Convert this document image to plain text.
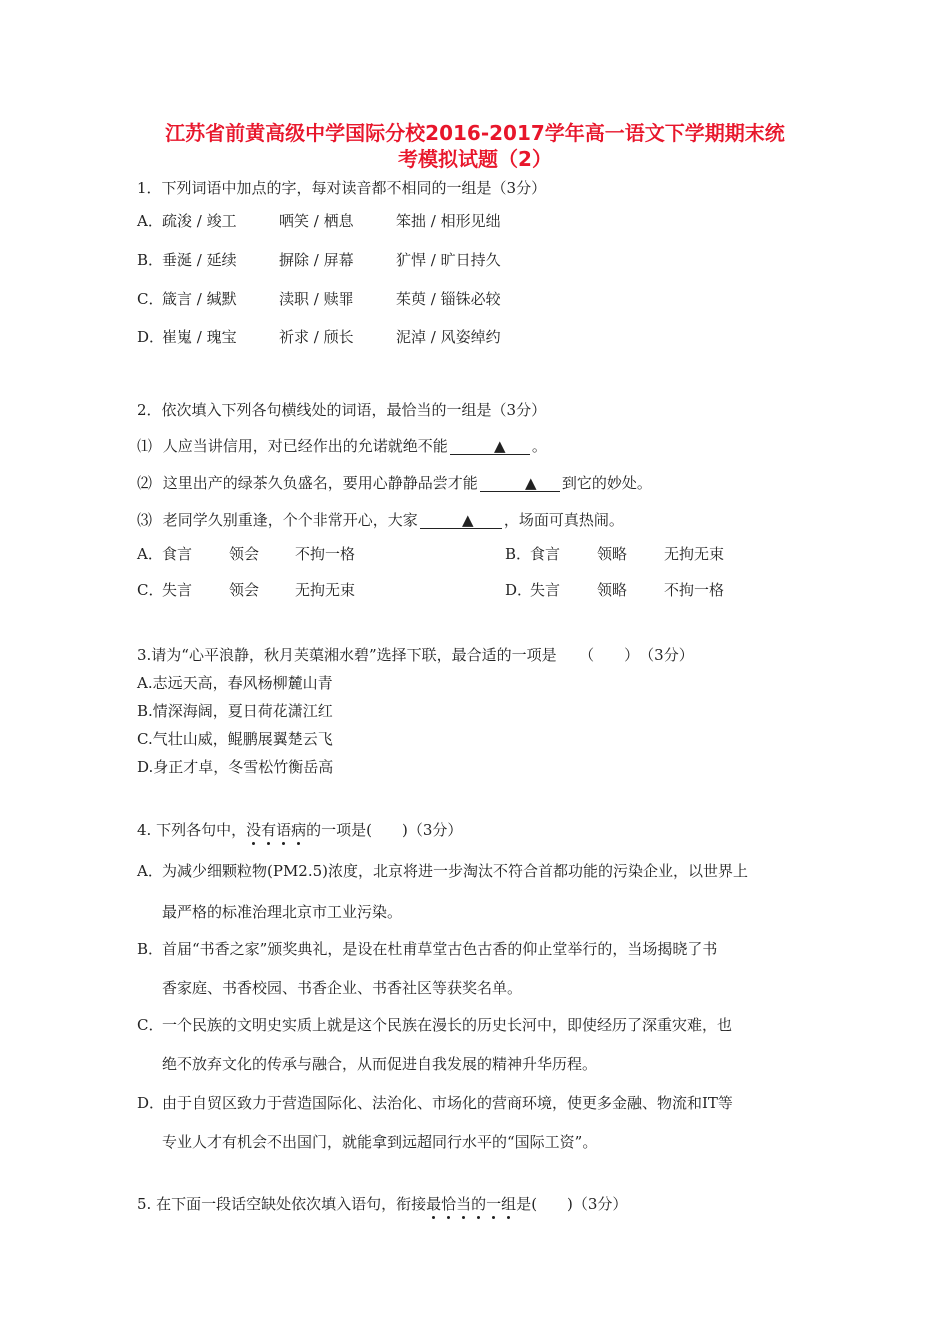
江苏省前黄高级中学国际分校2016-2017学年高一语文下学期期末统
考模拟试题（2）
1．下列词语中加点的字，每对读音都不相同的一组是（3分）
A． 疏浚 / 竣工	哂笑 / 栖息	笨拙 / 相形见绌
B．
垂涎 / 延续	摒除 / 屏幕	犷悍 / 旷日持久
C．
箴言 / 缄默	渎职 / 赎罪	茱萸 / 锱铢必较
D．
崔嵬 / 瑰宝	祈求 / 颀长	泥淖 / 风姿绰约
2．依次填入下列各句横线处的词语，最恰当的一组是（3分）
⑴ 人应当讲信用，对已经作出的允诺就绝不能	▲ 。
⑵ 这里出产的绿茶久负盛名，要用心静静品尝才能	▲ 到它的妙处。
⑶ 老同学久别重逢，个个非常开心，大家	▲ ，场面可真热闹。
A． 食言 领会 不拘一格	B．
食言 领略 无拘无束
C．
失言 领会 无拘无束	D．
失言 领略 不拘一格
3.请为“心平浪静，秋月芙蕖湘水碧”选择下联，最合适的一项是　　（　　）　（3分）
A.志远天高，春风杨柳麓山青
B.情深海阔，夏日荷花潇江红
C.气壮山威，鲲鹏展翼楚云飞
D.身正才卓，冬雪松竹衡岳高
4. 下列各句中，没有语病的一项是(　　)（3分）
A． 为减少细颗粒物(PM2.5)浓度，北京将进一步淘汰不符合首都功能的污染企业，以世界上
最严格的标准治理北京市工业污染。
B．
首届“书香之家”颁奖典礼，是设在杜甫草堂古色古香的仰止堂举行的，当场揭晓了书
香家庭、书香校园、书香企业、书香社区等获奖名单。
C．
一个民族的文明史实质上就是这个民族在漫长的历史长河中，即使经历了深重灾难，也
绝不放弃文化的传承与融合，从而促进自我发展的精神升华历程。
D．
由于自贸区致力于营造国际化、法治化、市场化的营商环境，使更多金融、物流和IT等
专业人才有机会不出国门，就能拿到远超同行水平的“国际工资”。
5. 在下面一段话空缺处依次填入语句，衔接最恰当的一组是(　　)（3分）
